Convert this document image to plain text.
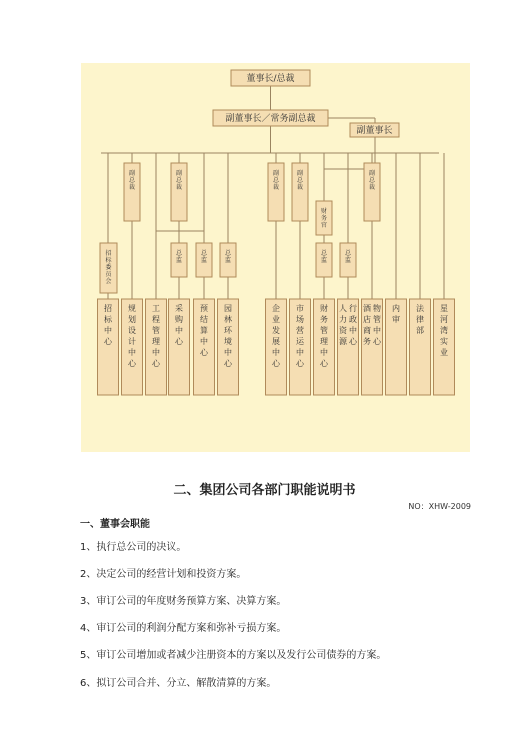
董事长/总裁
副董事长／常务副总裁
副董事长
副总裁
副总裁
副总裁
副总裁
副总裁
财务官
招标委员会
总监
总监
总监
总监
总监
招标中心
规划设计中心
工程管理中心
采购中心
预结算中心
园林环境中心
企业发展中心
市场营运中心
财务管理中心
人力资源行政中心
酒店商务物管中心
内审
法律部
星河湾实业
二、集团公司各部门职能说明书
NO：XHW-2009
一、董事会职能
1、执行总公司的决议。
2、决定公司的经营计划和投资方案。
3、审订公司的年度财务预算方案、决算方案。
4、审订公司的利润分配方案和弥补亏损方案。
5、审订公司增加或者减少注册资本的方案以及发行公司债券的方案。
6、拟订公司合并、分立、解散清算的方案。
